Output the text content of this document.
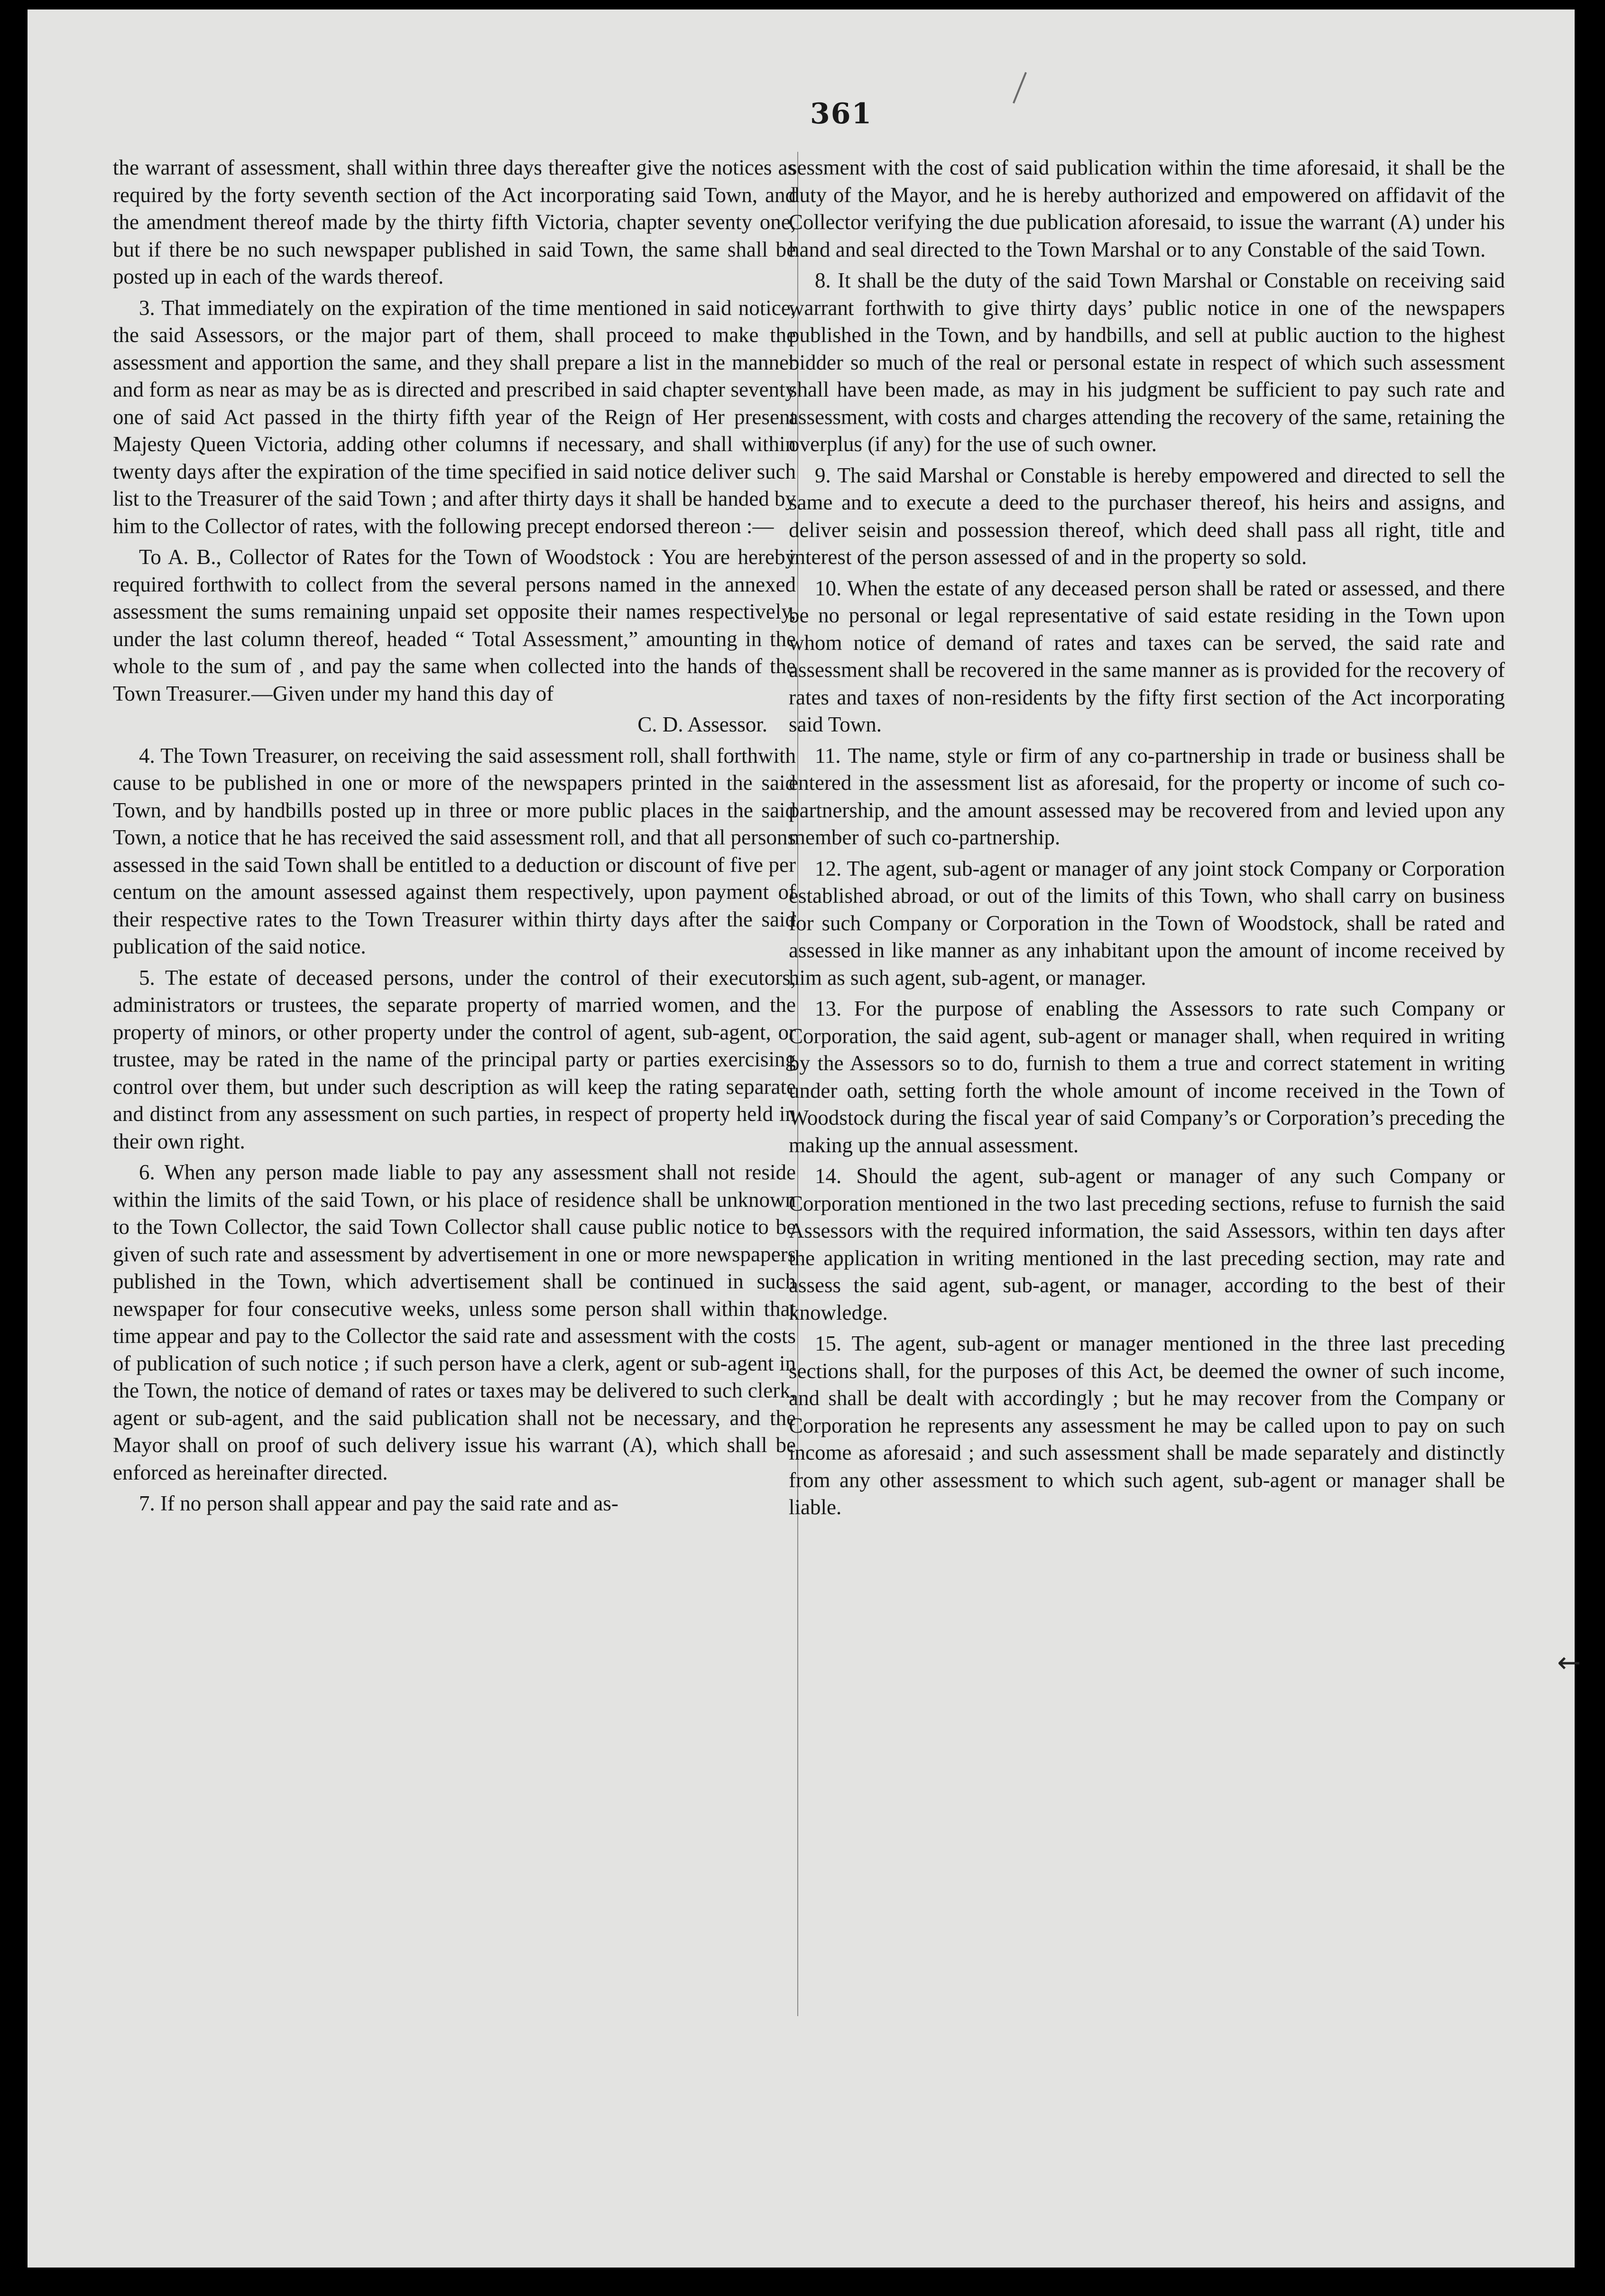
361

the warrant of assessment, shall within three days thereafter give the notices as required by the forty seventh section of the Act incorporating said Town, and the amendment thereof made by the thirty fifth Victoria, chapter seventy one, but if there be no such newspaper published in said Town, the same shall be posted up in each of the wards thereof.

3. That immediately on the expiration of the time mentioned in said notice, the said Assessors, or the major part of them, shall proceed to make the assessment and apportion the same, and they shall prepare a list in the manner and form as near as may be as is directed and prescribed in said chapter seventy one of said Act passed in the thirty fifth year of the Reign of Her present Majesty Queen Victoria, adding other columns if necessary, and shall within twenty days after the expiration of the time specified in said notice deliver such list to the Treasurer of the said Town ; and after thirty days it shall be handed by him to the Collector of rates, with the following precept endorsed thereon :—

To A. B., Collector of Rates for the Town of Woodstock : You are hereby required forthwith to collect from the several persons named in the annexed assessment the sums remaining unpaid set opposite their names respectively, under the last column thereof, headed “ Total Assessment,” amounting in the whole to the sum of , and pay the same when collected into the hands of the Town Treasurer.—Given under my hand this day of

C. D. Assessor.

4. The Town Treasurer, on receiving the said assessment roll, shall forthwith cause to be published in one or more of the newspapers printed in the said Town, and by handbills posted up in three or more public places in the said Town, a notice that he has received the said assessment roll, and that all persons assessed in the said Town shall be entitled to a deduction or discount of five per centum on the amount assessed against them respectively, upon payment of their respective rates to the Town Treasurer within thirty days after the said publication of the said notice.

5. The estate of deceased persons, under the control of their executors, administrators or trustees, the separate property of married women, and the property of minors, or other property under the control of agent, sub-agent, or trustee, may be rated in the name of the principal party or parties exercising control over them, but under such description as will keep the rating separate and distinct from any assessment on such parties, in respect of property held in their own right.

6. When any person made liable to pay any assessment shall not reside within the limits of the said Town, or his place of residence shall be unknown to the Town Collector, the said Town Collector shall cause public notice to be given of such rate and assessment by advertisement in one or more newspapers published in the Town, which advertisement shall be continued in such newspaper for four consecutive weeks, unless some person shall within that time appear and pay to the Collector the said rate and assessment with the costs of publication of such notice ; if such person have a clerk, agent or sub-agent in the Town, the notice of demand of rates or taxes may be delivered to such clerk, agent or sub-agent, and the said publication shall not be necessary, and the Mayor shall on proof of such delivery issue his warrant (A), which shall be enforced as hereinafter directed.

7. If no person shall appear and pay the said rate and as-

sessment with the cost of said publication within the time aforesaid, it shall be the duty of the Mayor, and he is hereby authorized and empowered on affidavit of the Collector verifying the due publication aforesaid, to issue the warrant (A) under his hand and seal directed to the Town Marshal or to any Constable of the said Town.

8. It shall be the duty of the said Town Marshal or Constable on receiving said warrant forthwith to give thirty days’ public notice in one of the newspapers published in the Town, and by handbills, and sell at public auction to the highest bidder so much of the real or personal estate in respect of which such assessment shall have been made, as may in his judgment be sufficient to pay such rate and assessment, with costs and charges attending the recovery of the same, retaining the overplus (if any) for the use of such owner.

9. The said Marshal or Constable is hereby empowered and directed to sell the same and to execute a deed to the purchaser thereof, his heirs and assigns, and deliver seisin and possession thereof, which deed shall pass all right, title and interest of the person assessed of and in the property so sold.

10. When the estate of any deceased person shall be rated or assessed, and there be no personal or legal representative of said estate residing in the Town upon whom notice of demand of rates and taxes can be served, the said rate and assessment shall be recovered in the same manner as is provided for the recovery of rates and taxes of non-residents by the fifty first section of the Act incorporating said Town.

11. The name, style or firm of any co-partnership in trade or business shall be entered in the assessment list as aforesaid, for the property or income of such co-partnership, and the amount assessed may be recovered from and levied upon any member of such co-partnership.

12. The agent, sub-agent or manager of any joint stock Company or Corporation established abroad, or out of the limits of this Town, who shall carry on business for such Company or Corporation in the Town of Woodstock, shall be rated and assessed in like manner as any inhabitant upon the amount of income received by him as such agent, sub-agent, or manager.

13. For the purpose of enabling the Assessors to rate such Company or Corporation, the said agent, sub-agent or manager shall, when required in writing by the Assessors so to do, furnish to them a true and correct statement in writing under oath, setting forth the whole amount of income received in the Town of Woodstock during the fiscal year of said Company’s or Corporation’s preceding the making up the annual assessment.

14. Should the agent, sub-agent or manager of any such Company or Corporation mentioned in the two last preceding sections, refuse to furnish the said Assessors with the required information, the said Assessors, within ten days after the application in writing mentioned in the last preceding section, may rate and assess the said agent, sub-agent, or manager, according to the best of their knowledge.

15. The agent, sub-agent or manager mentioned in the three last preceding sections shall, for the purposes of this Act, be deemed the owner of such income, and shall be dealt with accordingly ; but he may recover from the Company or Corporation he represents any assessment he may be called upon to pay on such income as aforesaid ; and such assessment shall be made separately and distinctly from any other assessment to which such agent, sub-agent or manager shall be liable.

←
